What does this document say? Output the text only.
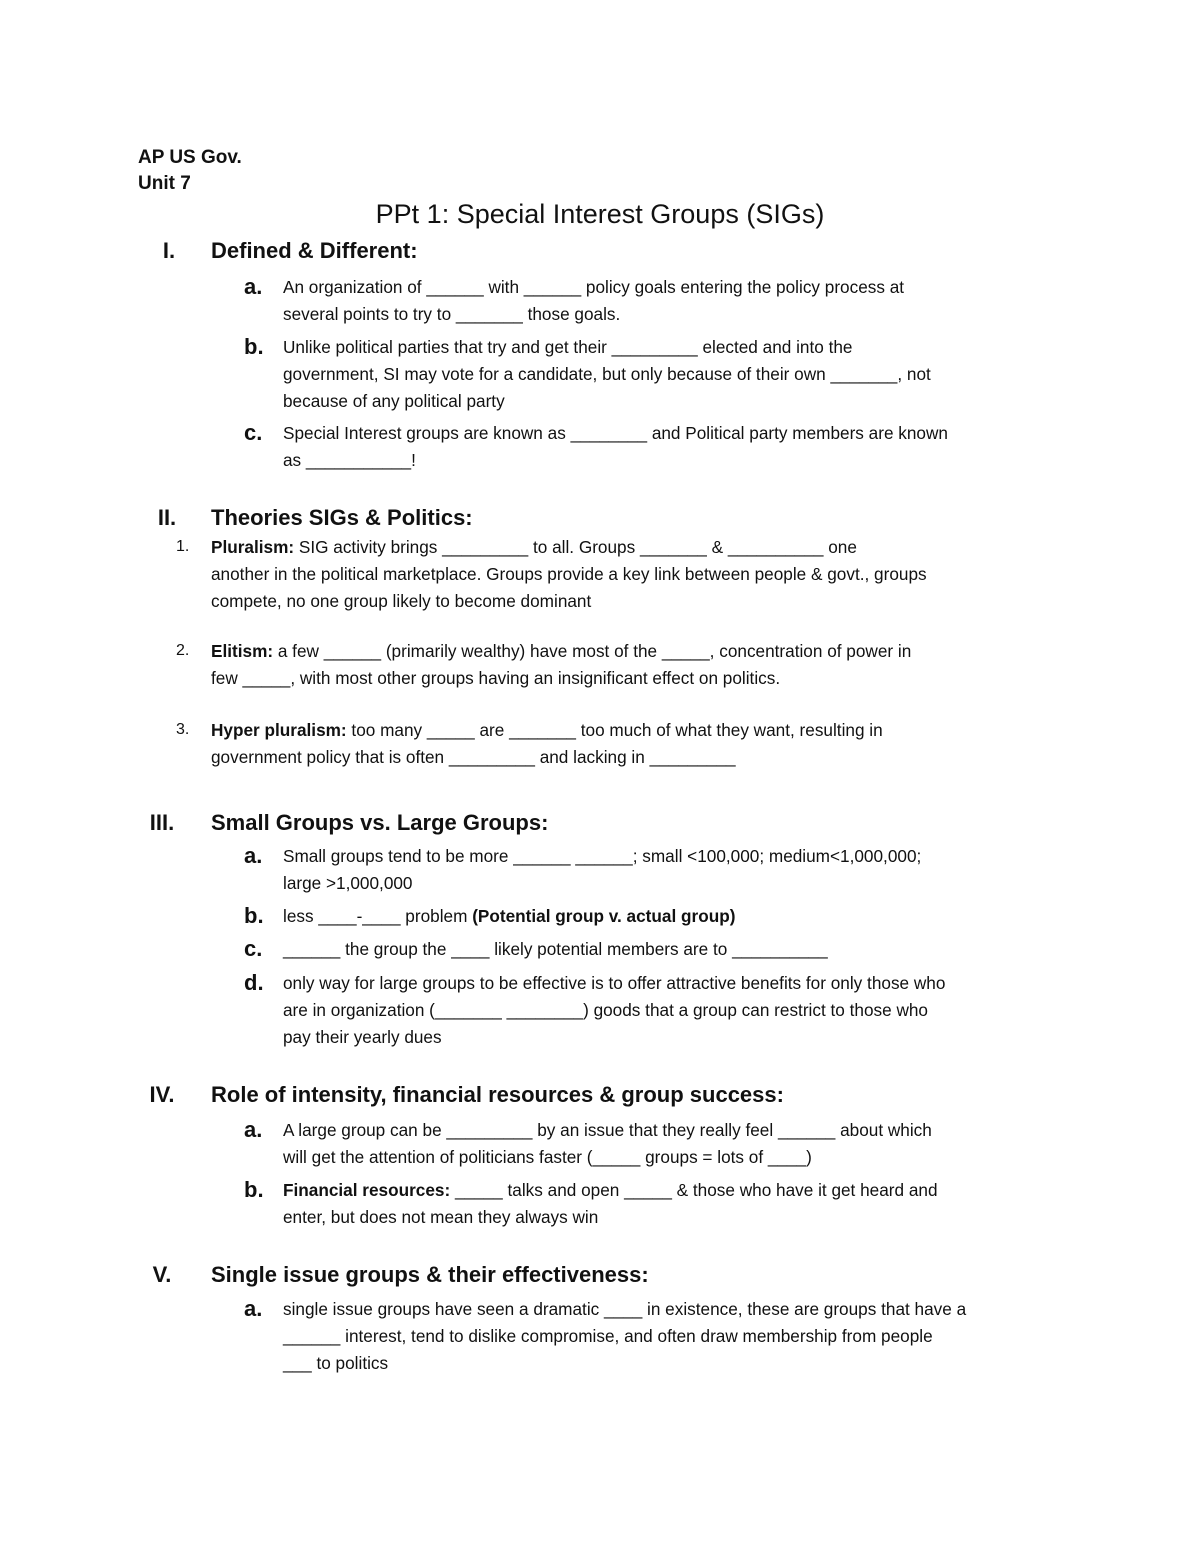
AP US Gov.
Unit 7
PPt 1: Special Interest Groups (SIGs)
I.	Defined & Different:
a. An organization of ______ with ______ policy goals entering the policy process at
several points to try to _______ those goals.
b. Unlike political parties that try and get their _________ elected and into the
government, SI may vote for a candidate, but only because of their own _______, not
because of any political party
c. Special Interest groups are known as ________ and Political party members are known
as ___________!
II.	Theories SIGs & Politics:
1. Pluralism: SIG activity brings _________ to all. Groups _______ & __________ one
another in the political marketplace. Groups provide a key link between people & govt., groups
compete, no one group likely to become dominant
2. Elitism: a few ______ (primarily wealthy) have most of the _____, concentration of power in
few _____, with most other groups having an insignificant effect on politics.
3. Hyper pluralism: too many _____ are _______ too much of what they want, resulting in
government policy that is often _________ and lacking in _________
III.	Small Groups vs. Large Groups:
a. Small groups tend to be more ______ ______; small <100,000; medium<1,000,000;
large >1,000,000
b. less ____-____ problem (Potential group v. actual group)
c. ______ the group the ____ likely potential members are to __________
d. only way for large groups to be effective is to offer attractive benefits for only those who
are in organization (_______ ________) goods that a group can restrict to those who
pay their yearly dues
IV.	Role of intensity, financial resources & group success:
a. A large group can be _________ by an issue that they really feel ______ about which
will get the attention of politicians faster (_____ groups = lots of ____)
b. Financial resources: _____ talks and open _____ & those who have it get heard and
enter, but does not mean they always win
V.	Single issue groups & their effectiveness:
a. single issue groups have seen a dramatic ____ in existence, these are groups that have a
______ interest, tend to dislike compromise, and often draw membership from people
___ to politics
